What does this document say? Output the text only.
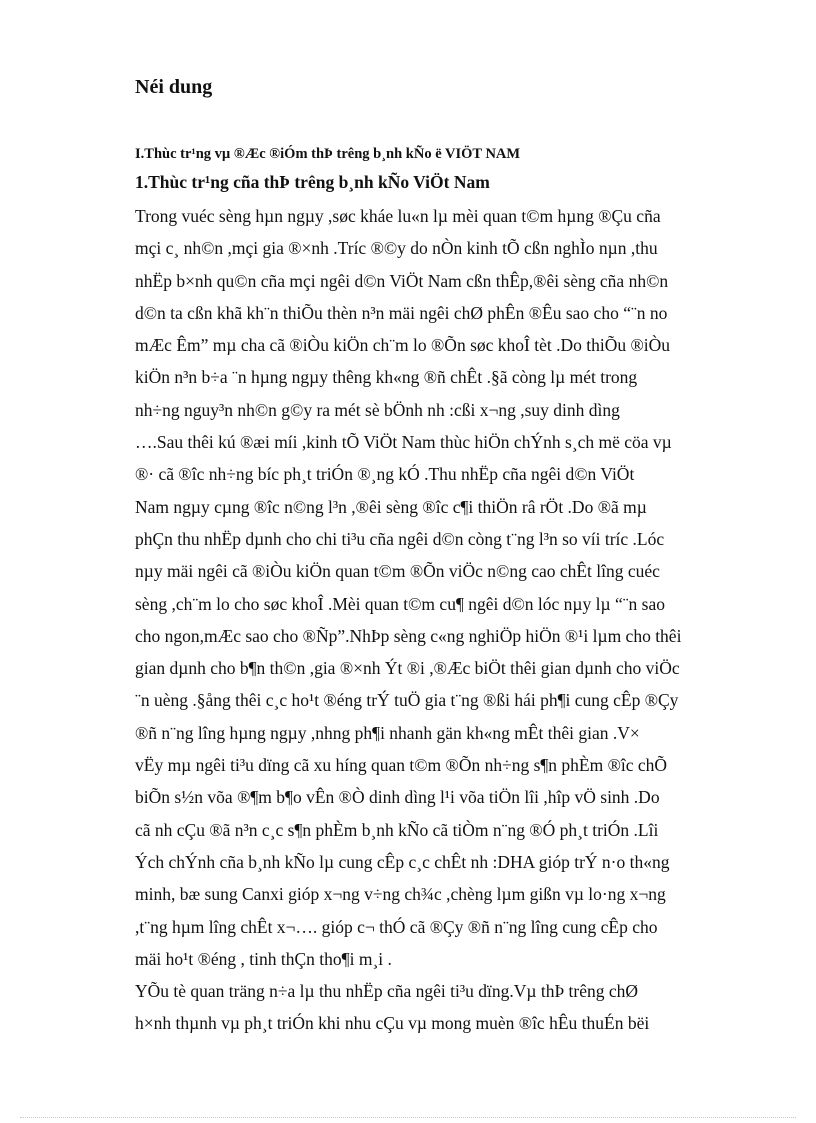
Néi dung
I.Thùc tr¹ng vµ ®Æc ®iÓm thÞ trêng b¸nh kÑo ë VIÖT NAM
1.Thùc tr¹ng cña thÞ trêng b¸nh kÑo ViÖt Nam
Trong vuéc sèng hµn ngµy ,søc kháe lu«n lµ mèi quan t©m hµng ®Çu cña
mçi c¸ nh©n ,mçi gia ®×nh .Tríc ®©y do nÒn kinh tÕ cßn nghÌo nµn ,thu
nhËp b×nh qu©n cña mçi ngêi d©n ViÖt Nam cßn thÊp,®êi sèng cña nh©n
d©n ta cßn khã kh¨n thiÕu thèn n³n mäi ngêi chØ phÊn ®Êu sao cho “¨n no
mÆc Êm” mµ cha cã ®iÒu kiÖn ch¨m lo ®Õn søc khoÎ tèt .Do thiÕu ®iÒu
kiÖn n³n b÷a ¨n hµng ngµy thêng kh«ng ®ñ chÊt .§ã còng lµ mét trong
nh÷ng nguy³n nh©n g©y ra mét sè bÖnh nh :cßi x¬ng ,suy dinh dìng
….Sau thêi kú ®æi míi ,kinh tÕ ViÖt Nam thùc hiÖn chÝnh s¸ch më cöa vµ
®· cã ®îc nh÷ng bíc ph¸t triÓn ®¸ng kÓ .Thu nhËp cña ngêi d©n ViÖt
Nam ngµy cµng ®îc n©ng l³n ,®êi sèng ®îc c¶i thiÖn râ rÖt .Do ®ã mµ
phÇn thu nhËp dµnh cho chi ti³u cña ngêi d©n còng t¨ng l³n so víi tríc .Lóc
nµy mäi ngêi cã ®iÒu kiÖn quan t©m ®Õn viÖc n©ng cao chÊt lîng cuéc
sèng ,ch¨m lo cho søc khoÎ .Mèi quan t©m cu¶ ngêi d©n lóc nµy lµ “¨n sao
cho ngon,mÆc sao cho ®Ñp”.NhÞp sèng c«ng nghiÖp hiÖn ®¹i lµm cho thêi
gian dµnh cho b¶n th©n ,gia ®×nh Ýt ®i ,®Æc biÖt thêi gian dµnh cho viÖc
¨n uèng .§ång thêi c¸c ho¹t ®éng trÝ tuÖ gia t¨ng ®ßi hái ph¶i cung cÊp ®Çy
®ñ n¨ng lîng hµng ngµy ,nhng ph¶i nhanh gän kh«ng mÊt thêi gian .V×
vËy mµ ngêi ti³u dïng cã xu híng quan t©m ®Õn nh÷ng s¶n phÈm ®îc chÕ
biÕn s½n võa ®¶m b¶o vÊn ®Ò dinh dìng l¹i võa tiÖn lîi ,hîp vÖ sinh .Do
cã nh cÇu ®ã n³n c¸c s¶n phÈm b¸nh kÑo cã tiÒm n¨ng ®Ó ph¸t triÓn .Lîi
Ých chÝnh cña b¸nh kÑo lµ cung cÊp c¸c chÊt nh :DHA gióp trÝ n·o th«ng
minh, bæ sung Canxi gióp x¬ng v÷ng ch¾c ,chèng lµm gißn vµ lo·ng x¬ng
,t¨ng hµm lîng chÊt x¬…. gióp c¬ thÓ cã ®Çy ®ñ n¨ng lîng cung cÊp cho
mäi ho¹t ®éng , tinh thÇn tho¶i m¸i .
YÕu tè quan träng n÷a lµ thu nhËp cña ngêi ti³u dïng.Vµ thÞ trêng chØ
h×nh thµnh vµ ph¸t triÓn khi nhu cÇu vµ mong muèn ®îc hÊu thuÉn bëi
